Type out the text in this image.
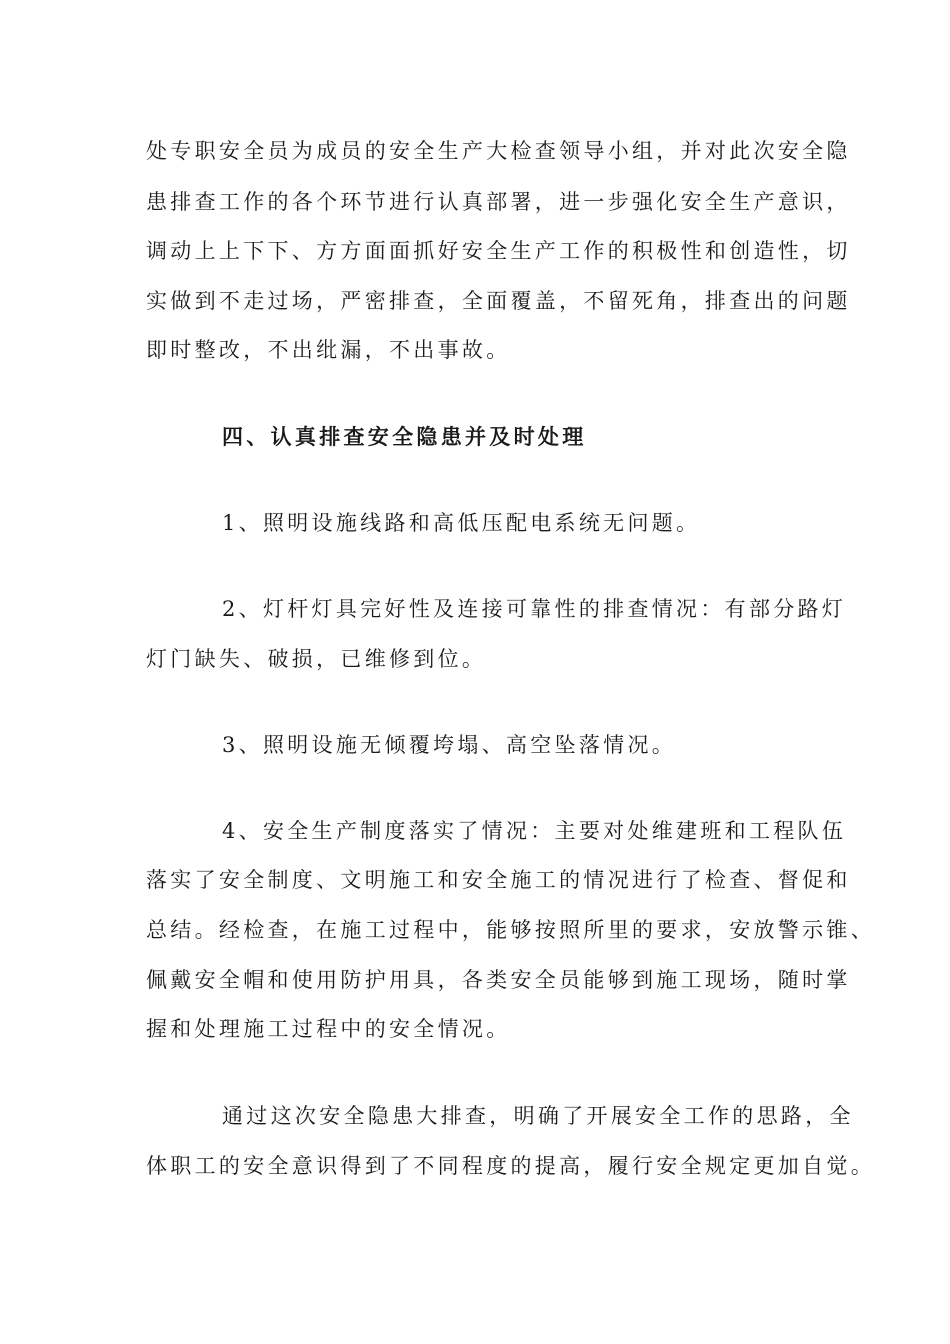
处专职安全员为成员的安全生产大检查领导小组，并对此次安全隐
患排查工作的各个环节进行认真部署，进一步强化安全生产意识，
调动上上下下、方方面面抓好安全生产工作的积极性和创造性，切
实做到不走过场，严密排查，全面覆盖，不留死角，排查出的问题
即时整改，不出纰漏，不出事故。
四、认真排查安全隐患并及时处理
1、照明设施线路和高低压配电系统无问题。
2、灯杆灯具完好性及连接可靠性的排查情况：有部分路灯
灯门缺失、破损，已维修到位。
3、照明设施无倾覆垮塌、高空坠落情况。
4、安全生产制度落实了情况：主要对处维建班和工程队伍
落实了安全制度、文明施工和安全施工的情况进行了检查、督促和
总结。经检查，在施工过程中，能够按照所里的要求，安放警示锥、
佩戴安全帽和使用防护用具，各类安全员能够到施工现场，随时掌
握和处理施工过程中的安全情况。
通过这次安全隐患大排查，明确了开展安全工作的思路，全
体职工的安全意识得到了不同程度的提高，履行安全规定更加自觉。
